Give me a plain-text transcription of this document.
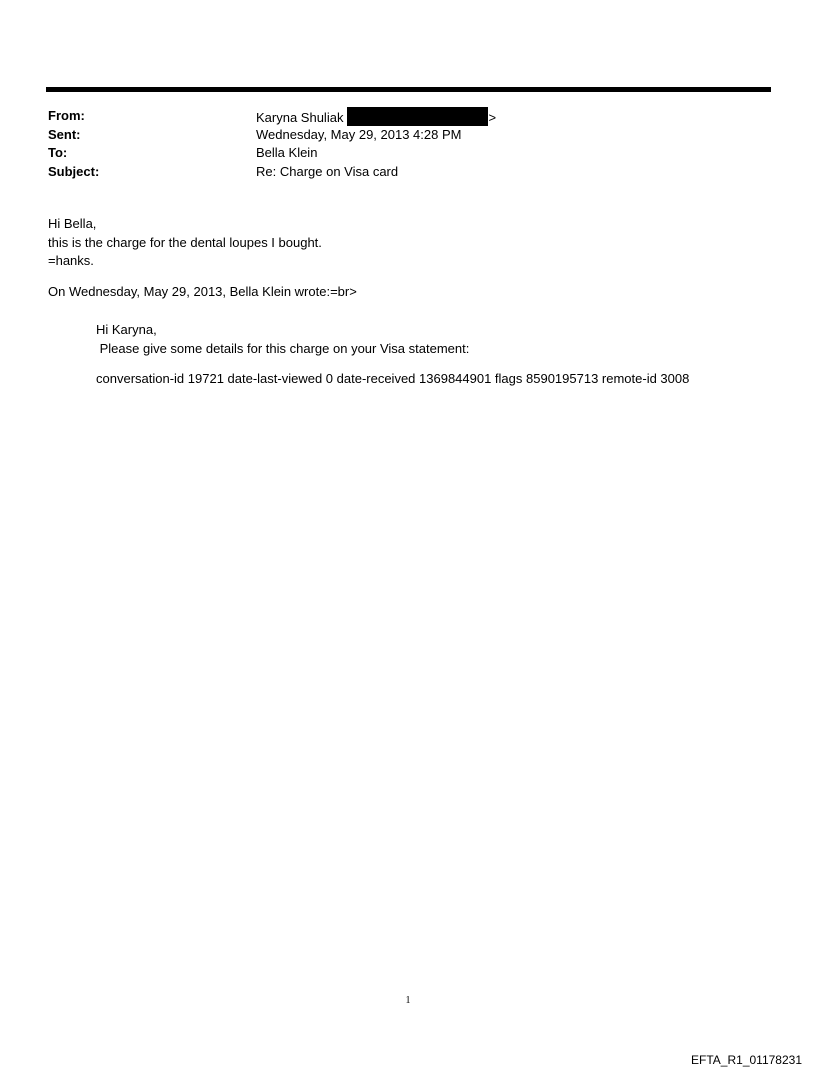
From:	Karyna Shuliak	>
Sent:	Wednesday, May 29, 2013 4:28 PM
To:	Bella Klein
Subject:	Re: Charge on Visa card
Hi Bella,
this is the charge for the dental loupes I bought.
=hanks.
On Wednesday, May 29, 2013, Bella Klein wrote:=br>
Hi Karyna,
Please give some details for this charge on your Visa statement:
conversation-id 19721 date-last-viewed 0 date-received 1369844901 flags 8590195713 remote-id 3008
1
EFTA_R1_01178231
